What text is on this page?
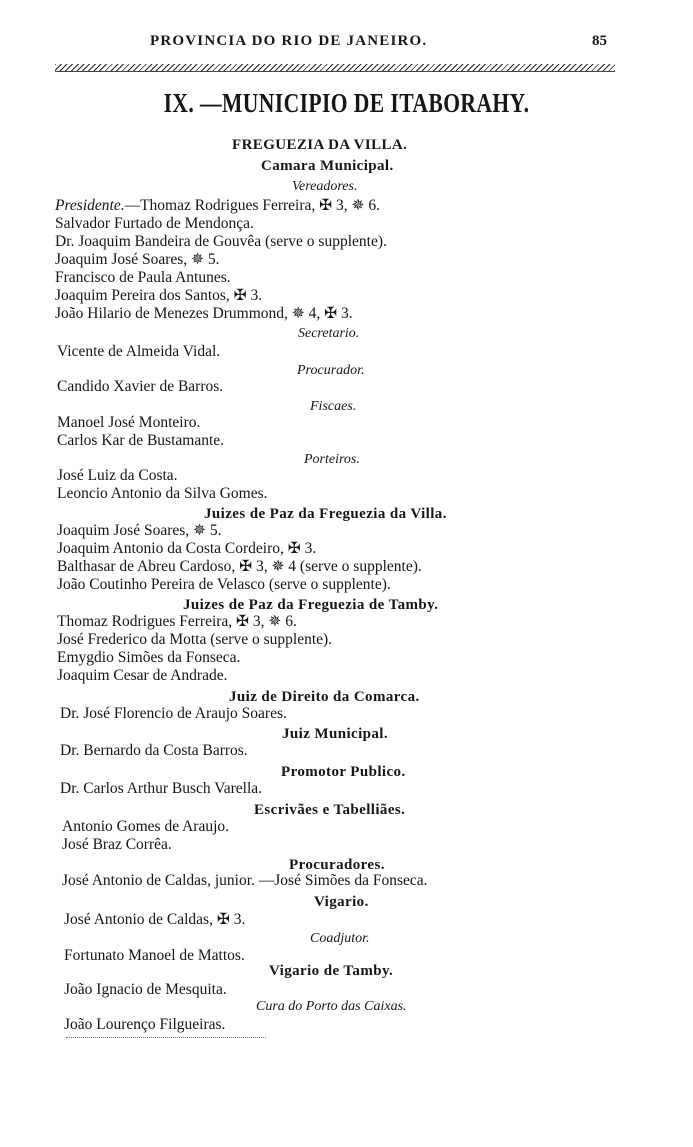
PROVINCIA DO RIO DE JANEIRO.	85
IX. —MUNICIPIO DE ITABORAHY.
FREGUEZIA DA VILLA.
Camara Municipal.
Vereadores.
Presidente.—Thomaz Rodrigues Ferreira, ✠ 3, ✵ 6.
Salvador Furtado de Mendonça.
Dr. Joaquim Bandeira de Gouvêa (serve o supplente).
Joaquim José Soares, ✵ 5.
Francisco de Paula Antunes.
Joaquim Pereira dos Santos, ✠ 3.
João Hilario de Menezes Drummond, ✵ 4, ✠ 3.
Secretario.
Vicente de Almeida Vidal.
Procurador.
Candido Xavier de Barros.
Fiscaes.
Manoel José Monteiro.
Carlos Kar de Bustamante.
Porteiros.
José Luiz da Costa.
Leoncio Antonio da Silva Gomes.
Juizes de Paz da Freguezia da Villa.
Joaquim José Soares, ✵ 5.
Joaquim Antonio da Costa Cordeiro, ✠ 3.
Balthasar de Abreu Cardoso, ✠ 3, ✵ 4 (serve o supplente).
João Coutinho Pereira de Velasco (serve o supplente).
Juizes de Paz da Freguezia de Tamby.
Thomaz Rodrigues Ferreira, ✠ 3, ✵ 6.
José Frederico da Motta (serve o supplente).
Emygdio Simões da Fonseca.
Joaquim Cesar de Andrade.
Juiz de Direito da Comarca.
Dr. José Florencio de Araujo Soares.
Juiz Municipal.
Dr. Bernardo da Costa Barros.
Promotor Publico.
Dr. Carlos Arthur Busch Varella.
Escrivães e Tabelliães.
Antonio Gomes de Araujo.
José Braz Corrêa.
Procuradores.
José Antonio de Caldas, junior. —José Simões da Fonseca.
Vigario.
José Antonio de Caldas, ✠ 3.
Coadjutor.
Fortunato Manoel de Mattos.
Vigario de Tamby.
João Ignacio de Mesquita.
Cura do Porto das Caixas.
João Lourenço Filgueiras.
